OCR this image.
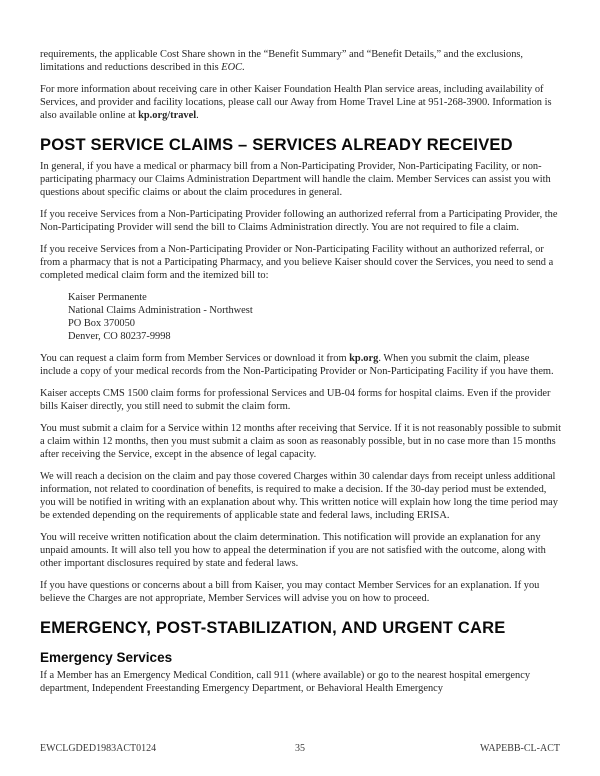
requirements, the applicable Cost Share shown in the “Benefit Summary” and “Benefit Details,” and the exclusions, limitations and reductions described in this EOC.

For more information about receiving care in other Kaiser Foundation Health Plan service areas, including availability of Services, and provider and facility locations, please call our Away from Home Travel Line at 951-268-3900. Information is also available online at kp.org/travel.

POST SERVICE CLAIMS – SERVICES ALREADY RECEIVED

In general, if you have a medical or pharmacy bill from a Non-Participating Provider, Non-Participating Facility, or non-participating pharmacy our Claims Administration Department will handle the claim. Member Services can assist you with questions about specific claims or about the claim procedures in general.

If you receive Services from a Non-Participating Provider following an authorized referral from a Participating Provider, the Non-Participating Provider will send the bill to Claims Administration directly. You are not required to file a claim.

If you receive Services from a Non-Participating Provider or Non-Participating Facility without an authorized referral, or from a pharmacy that is not a Participating Pharmacy, and you believe Kaiser should cover the Services, you need to send a completed medical claim form and the itemized bill to:

Kaiser Permanente
National Claims Administration - Northwest
PO Box 370050
Denver, CO 80237-9998

You can request a claim form from Member Services or download it from kp.org. When you submit the claim, please include a copy of your medical records from the Non-Participating Provider or Non-Participating Facility if you have them.

Kaiser accepts CMS 1500 claim forms for professional Services and UB-04 forms for hospital claims. Even if the provider bills Kaiser directly, you still need to submit the claim form.

You must submit a claim for a Service within 12 months after receiving that Service. If it is not reasonably possible to submit a claim within 12 months, then you must submit a claim as soon as reasonably possible, but in no case more than 15 months after receiving the Service, except in the absence of legal capacity.

We will reach a decision on the claim and pay those covered Charges within 30 calendar days from receipt unless additional information, not related to coordination of benefits, is required to make a decision. If the 30-day period must be extended, you will be notified in writing with an explanation about why. This written notice will explain how long the time period may be extended depending on the requirements of applicable state and federal laws, including ERISA.

You will receive written notification about the claim determination. This notification will provide an explanation for any unpaid amounts. It will also tell you how to appeal the determination if you are not satisfied with the outcome, along with other important disclosures required by state and federal laws.

If you have questions or concerns about a bill from Kaiser, you may contact Member Services for an explanation. If you believe the Charges are not appropriate, Member Services will advise you on how to proceed.

EMERGENCY, POST-STABILIZATION, AND URGENT CARE
Emergency Services

If a Member has an Emergency Medical Condition, call 911 (where available) or go to the nearest hospital emergency department, Independent Freestanding Emergency Department, or Behavioral Health Emergency

EWCLGDED1983ACT0124	35	WAPEBB-CL-ACT
